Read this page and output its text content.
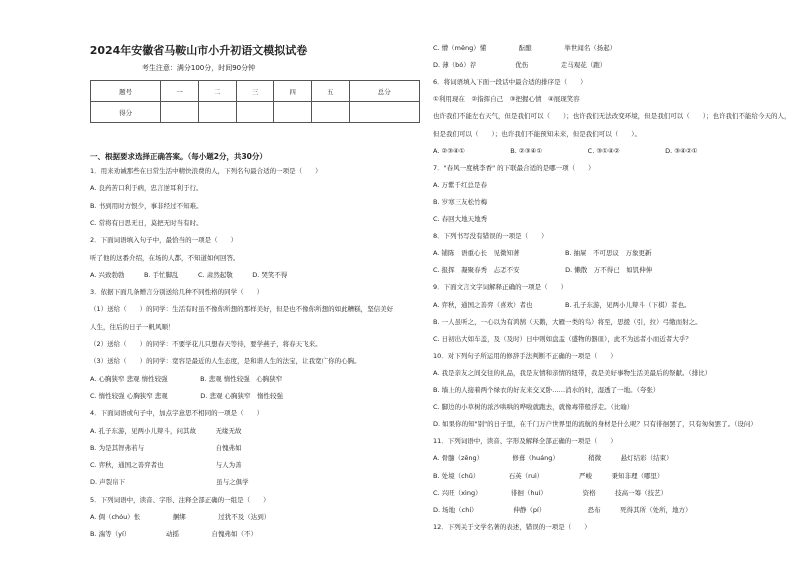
2024年安徽省马鞍山市小升初语文模拟试卷
考生注意：满分100分，时间90分钟
题号	一	二	三	四	五	总分
得分						
一、根据要求选择正确答案。（每小题2分，共30分）
1．用来劝诫那些在日常生活中精快浪费的人，下列名句最合适的一项是（　　）
A. 良药苦口利于病，忠言逆耳利于行。
B. 书到用时方恨少，事非经过不知难。
C. 常将有日思无日，莫把无时当有时。
2．下面词语填入句子中，最恰当的一项是（　　）
听了他的这番介绍，在场的人都，不知道如何回答。
A. 兴致勃勃　　　B. 手忙脚乱　　　C. 肃然起敬　　　D. 哭笑不得
3．依据下面几条赠言分别送给几种不同性格的同学（　　）
（1）送给（　　）的同学：生活有时虽不像你所想的那样美好，但是也不像你所想的如此糟糕，坚信美好
人生，往后的日子一帆风顺！
（2）送给（　　）的同学：不要学花儿只想春天等待，要学燕子，将春天飞来。
（3）送给（　　）的同学：宽容是最近的人生态度，是和谐人生的法宝，让我宽广你的心胸。
A. 心胸狭窄 悲观 惰性较强　　　　　B. 悲观 惰性较强　心胸狭窄
C. 惰性较强 心胸狭窄 悲观　　　　　D. 悲观 心胸狭窄　惰性较强
4．下面词语或句子中，加点字意思不相同的一项是（　　）
A. 孔子东游，见两小儿辩斗，问其故　　　无缘无故
B. 为是其智弗若与　　　　　　　　　　　自愧弗如
C. 弈秋，通国之善弈者也　　　　　　　　与人为善
D. 声裂帛下　　　　　　　　　　　　　　虽与之俱学
5．下列词语中，读音、字形、注释全部正确的一组是（　　）
A. 倜（chóu）怅　　　　　捆绑　　　　　过犹不及（达到）
B. 湍等（yí）　　　　　　动摇　　　　　自愧弗如（不）
C. 懵（měng）懂　　　　　酝酿　　　　　举世闻名（扬起）
D. 薄（bó）荐　　　　　　优伤　　　　　走马观花（跑）
6．将词语填入下面一段话中最合适的排序是（　　）
①利用现在　②指挥自己　③把握心情　④展现笑容
也许我们不能左右天气，但是我们可以（　　）；也许我们无法改变环境，但是我们可以（　　）；也许我们不能给今天的人，
但是我们可以（　　）；也许我们不能预知未来，但是我们可以（　　）。
A. ②③④①　　　　　　　B. ②③④①　　　　　　　C. ③①④②　　　　　　　D. ③④②①
7．"春风一度桃李香" 的下联最合适的是哪一项（　　）
A. 万紫千红总是春
B. 岁寒三友松竹梅
C. 春回大地天地秀
8．下列书写没有错误的一项是（　　）
A. 铺陈　语重心长　见微知著　　　　　　　B. 抽屉　不可思议　万象更新
C. 报挥　凝聚春秀　忐忑不安　　　　　　　D. 懒散　万不得已　如饥伸伸
9．下面文言文字词解释正确的一项是（　　）
A. 弈秋，通国之善弈（喜欢）者也　　　　　B. 孔子东游，见两小儿辩斗（下棋）者也。
B. 一人虽听之，一心以为有鸿鹄（天鹅，大雁一类的鸟）将至，思援（引，拉）弓缴而射之。
C. 日初出大如车盖，及（及时）日中则如盘盂（盛物的器皿），此不为远者小而近者大乎？
10．对下列句子所运用的修辞手法判断不正确的一项是（　　）
A. 我是亲友之间交往的礼品，我是友情和亲情的纽带，我是美好事物生活美最后的祭献。（排比）
B. 墙上的人接着两个绿衣的好友来交叉卧……消水的时，湿透了一地。（夸张）
C. 脚边的小草树的浓沙哄哄的哗啦就跑去，就像毒带般浮走。（比喻）
D. 如果你的知"别"的日子里，在千门万户世界里的流航的身材是什么呢？只有徘徊罢了，只有匆匆罢了。（设问）
11．下列词语中，读音、字形及解释全部正确的一项是（　　）
A. 骨髓（zēng）　　　　　修葺（huáng）　　　　　稍微　　　悬灯结彩（结束）
B. 处境（chǔ）　　　　　石英（ruì）　　　　　　严峻　　　秉知非理（哪里）
C. 兴旺（xìng）　　　　　徘徊（huí）　　　　　　资格　　　技高一筹（技艺）
D. 场地（chí）　　　　　　伸静（pí）　　　　　　　恐布　　　死得其所（处所，地方）
12．下列关于文学名著的表述，错误的一项是（　　）
